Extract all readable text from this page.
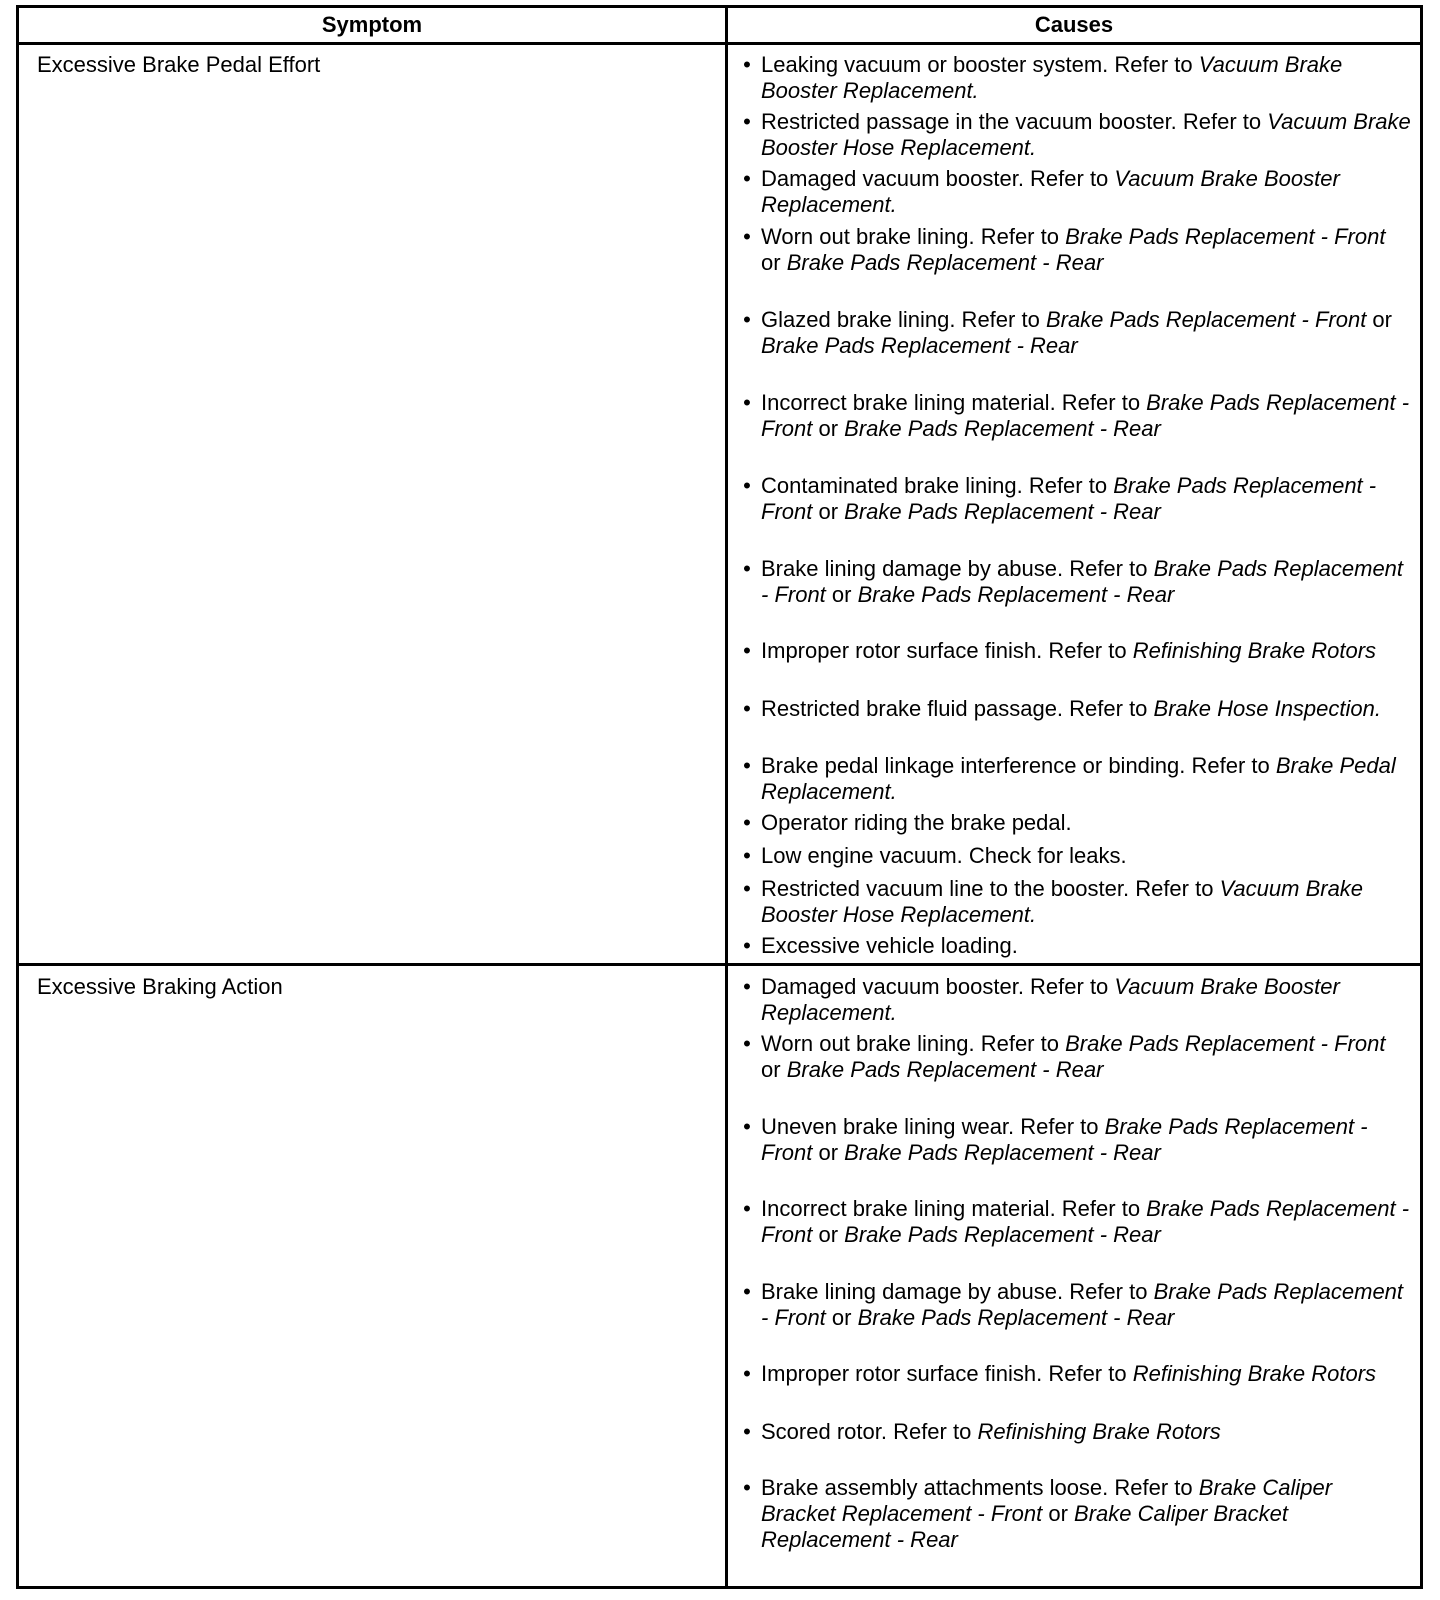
Symptom	Causes
Excessive Brake Pedal Effort	• Leaking vacuum or booster system. Refer to Vacuum Brake Booster Replacement.
• Restricted passage in the vacuum booster. Refer to Vacuum Brake Booster Hose Replacement.
• Damaged vacuum booster. Refer to Vacuum Brake Booster Replacement.
• Worn out brake lining. Refer to Brake Pads Replacement - Front or Brake Pads Replacement - Rear
• Glazed brake lining. Refer to Brake Pads Replacement - Front or Brake Pads Replacement - Rear
• Incorrect brake lining material. Refer to Brake Pads Replacement - Front or Brake Pads Replacement - Rear
• Contaminated brake lining. Refer to Brake Pads Replacement - Front or Brake Pads Replacement - Rear
• Brake lining damage by abuse. Refer to Brake Pads Replacement - Front or Brake Pads Replacement - Rear
• Improper rotor surface finish. Refer to Refinishing Brake Rotors
• Restricted brake fluid passage. Refer to Brake Hose Inspection.
• Brake pedal linkage interference or binding. Refer to Brake Pedal Replacement.
• Operator riding the brake pedal.
• Low engine vacuum. Check for leaks.
• Restricted vacuum line to the booster. Refer to Vacuum Brake Booster Hose Replacement.
• Excessive vehicle loading.
Excessive Braking Action	• Damaged vacuum booster. Refer to Vacuum Brake Booster Replacement.
• Worn out brake lining. Refer to Brake Pads Replacement - Front or Brake Pads Replacement - Rear
• Uneven brake lining wear. Refer to Brake Pads Replacement - Front or Brake Pads Replacement - Rear
• Incorrect brake lining material. Refer to Brake Pads Replacement - Front or Brake Pads Replacement - Rear
• Brake lining damage by abuse. Refer to Brake Pads Replacement - Front or Brake Pads Replacement - Rear
• Improper rotor surface finish. Refer to Refinishing Brake Rotors
• Scored rotor. Refer to Refinishing Brake Rotors
• Brake assembly attachments loose. Refer to Brake Caliper Bracket Replacement - Front or Brake Caliper Bracket Replacement - Rear
